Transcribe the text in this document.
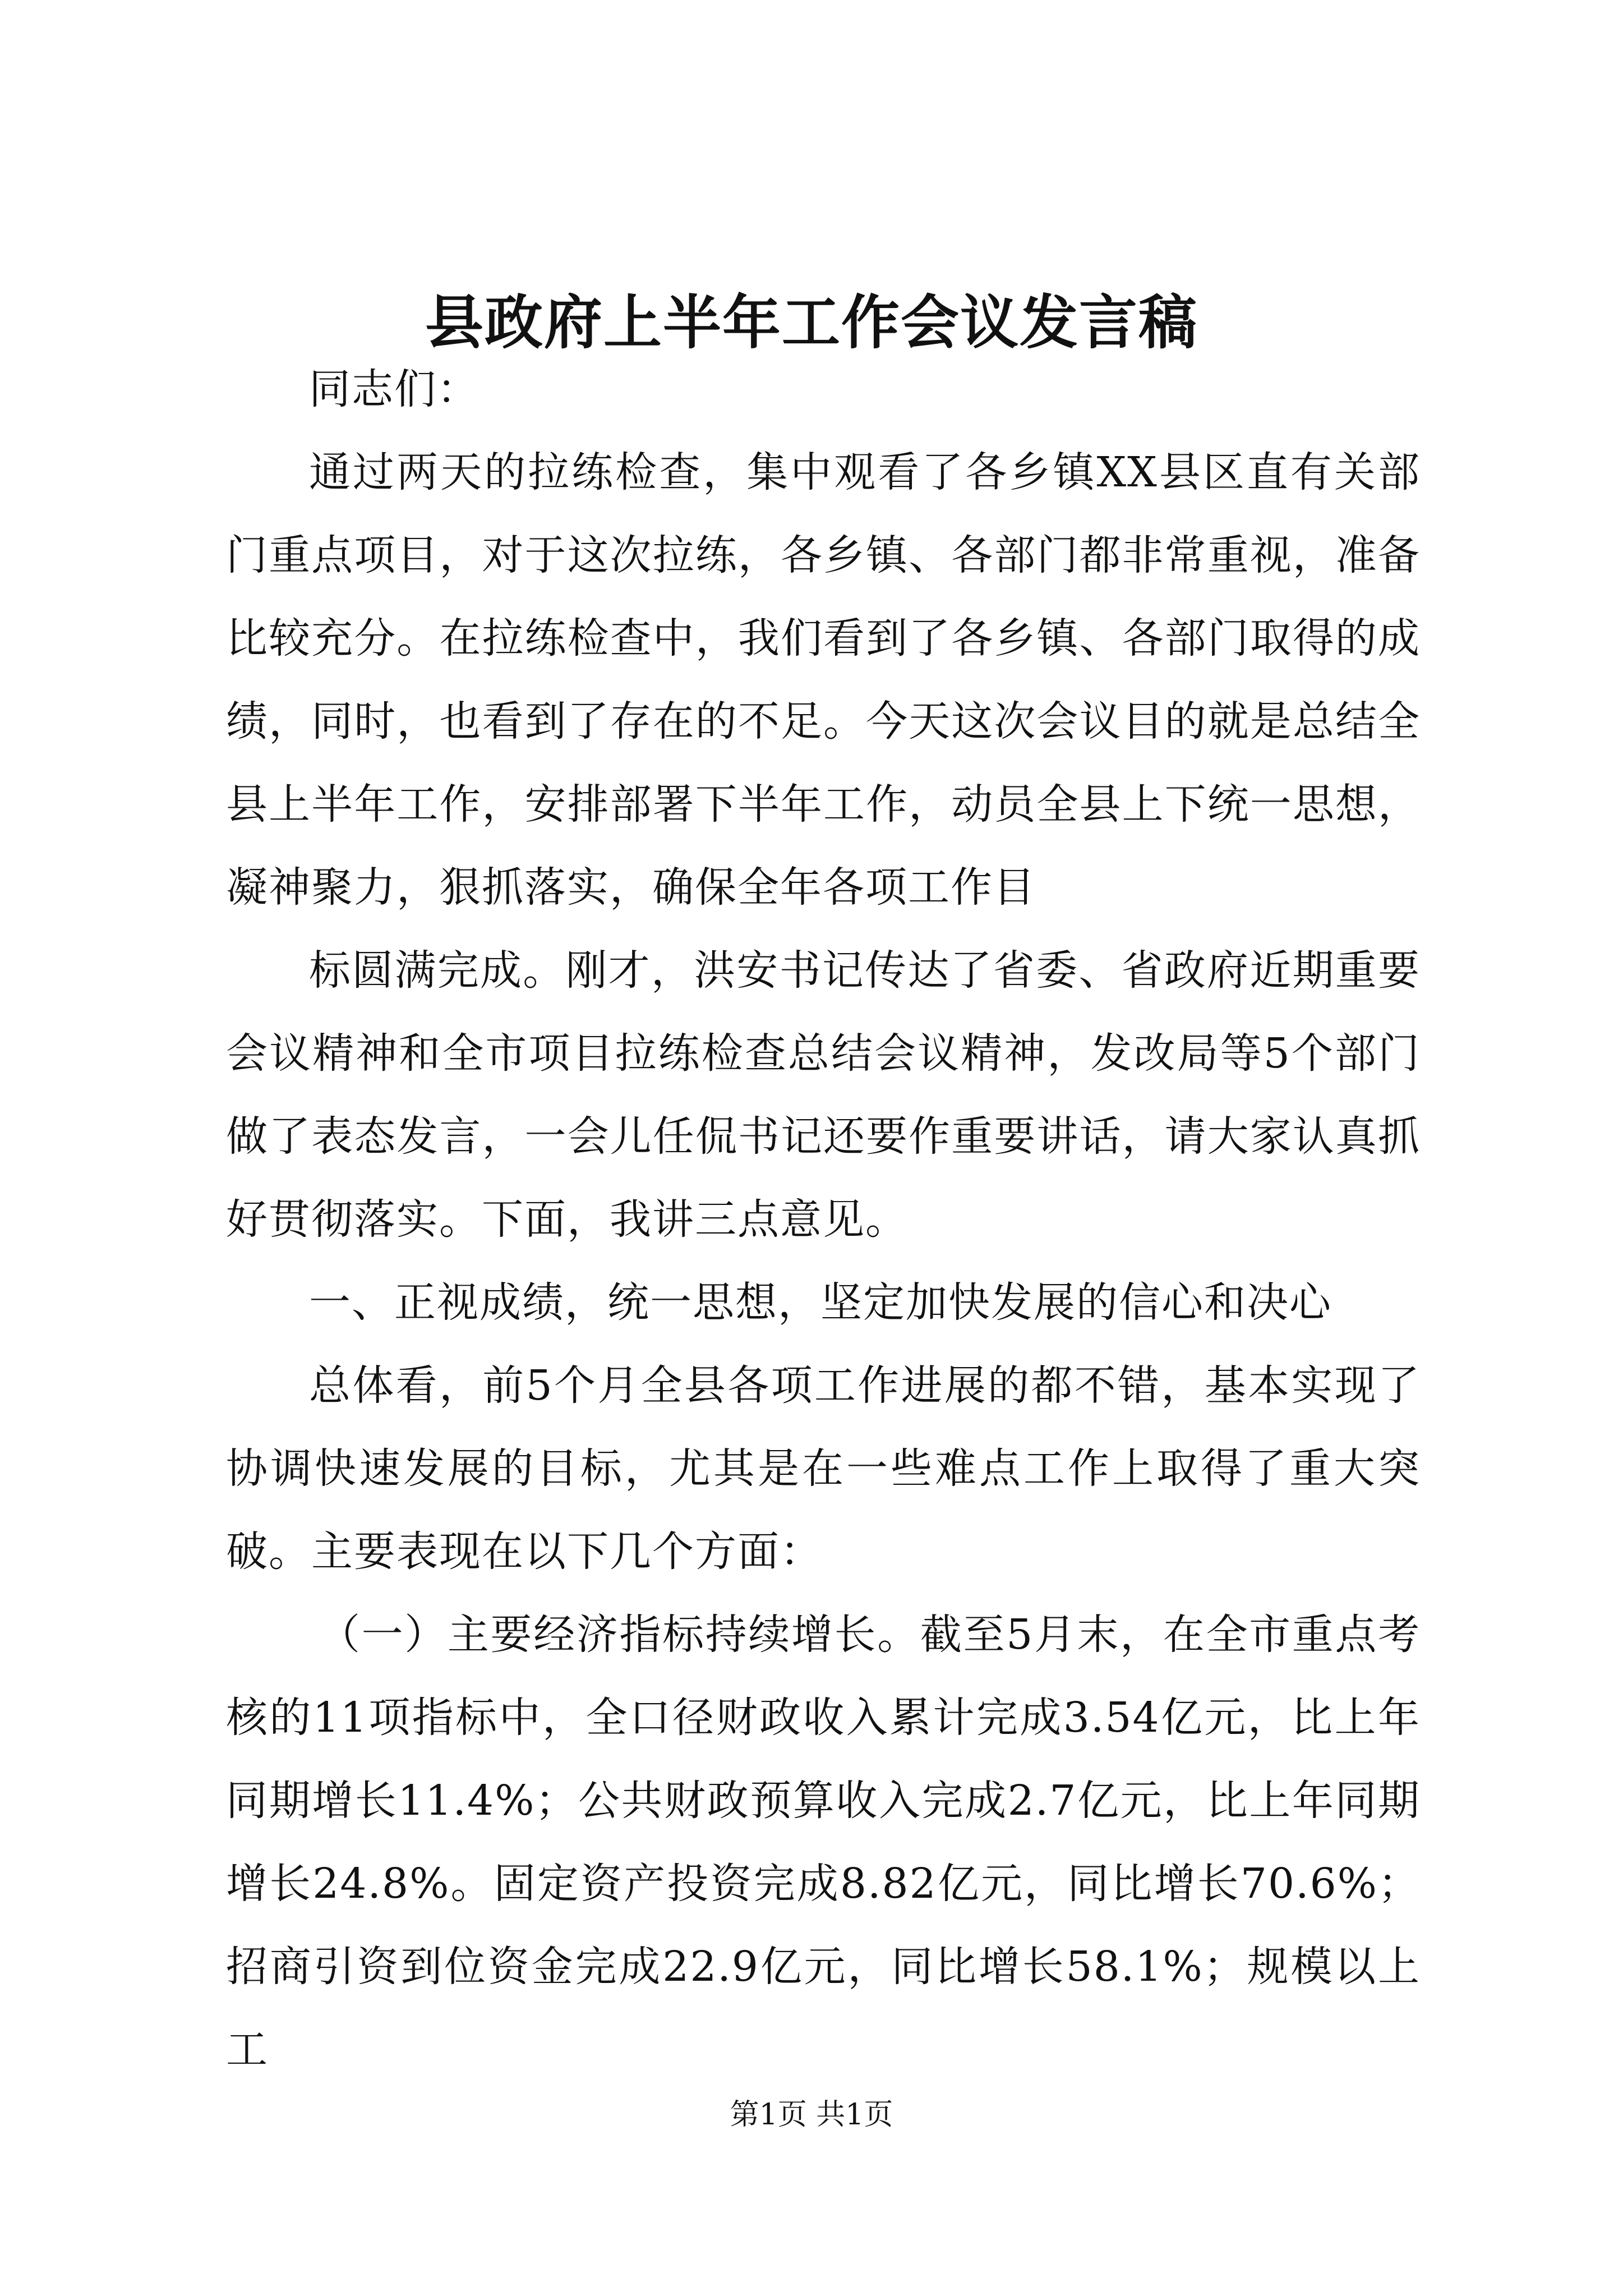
县政府上半年工作会议发言稿

同志们：

通过两天的拉练检查，集中观看了各乡镇XX县区直有关部门重点项目，对于这次拉练，各乡镇、各部门都非常重视，准备比较充分。在拉练检查中，我们看到了各乡镇、各部门取得的成绩，同时，也看到了存在的不足。今天这次会议目的就是总结全县上半年工作，安排部署下半年工作，动员全县上下统一思想，凝神聚力，狠抓落实，确保全年各项工作目

标圆满完成。刚才，洪安书记传达了省委、省政府近期重要会议精神和全市项目拉练检查总结会议精神，发改局等5个部门做了表态发言，一会儿任侃书记还要作重要讲话，请大家认真抓好贯彻落实。下面，我讲三点意见。

一、正视成绩，统一思想，坚定加快发展的信心和决心

总体看，前5个月全县各项工作进展的都不错，基本实现了协调快速发展的目标，尤其是在一些难点工作上取得了重大突破。主要表现在以下几个方面：

（一）主要经济指标持续增长。截至5月末，在全市重点考核的11项指标中，全口径财政收入累计完成3.54亿元，比上年同期增长11.4%；公共财政预算收入完成2.7亿元，比上年同期增长24.8%。固定资产投资完成8.82亿元，同比增长70.6%；招商引资到位资金完成22.9亿元，同比增长58.1%；规模以上工

第1页 共1页
